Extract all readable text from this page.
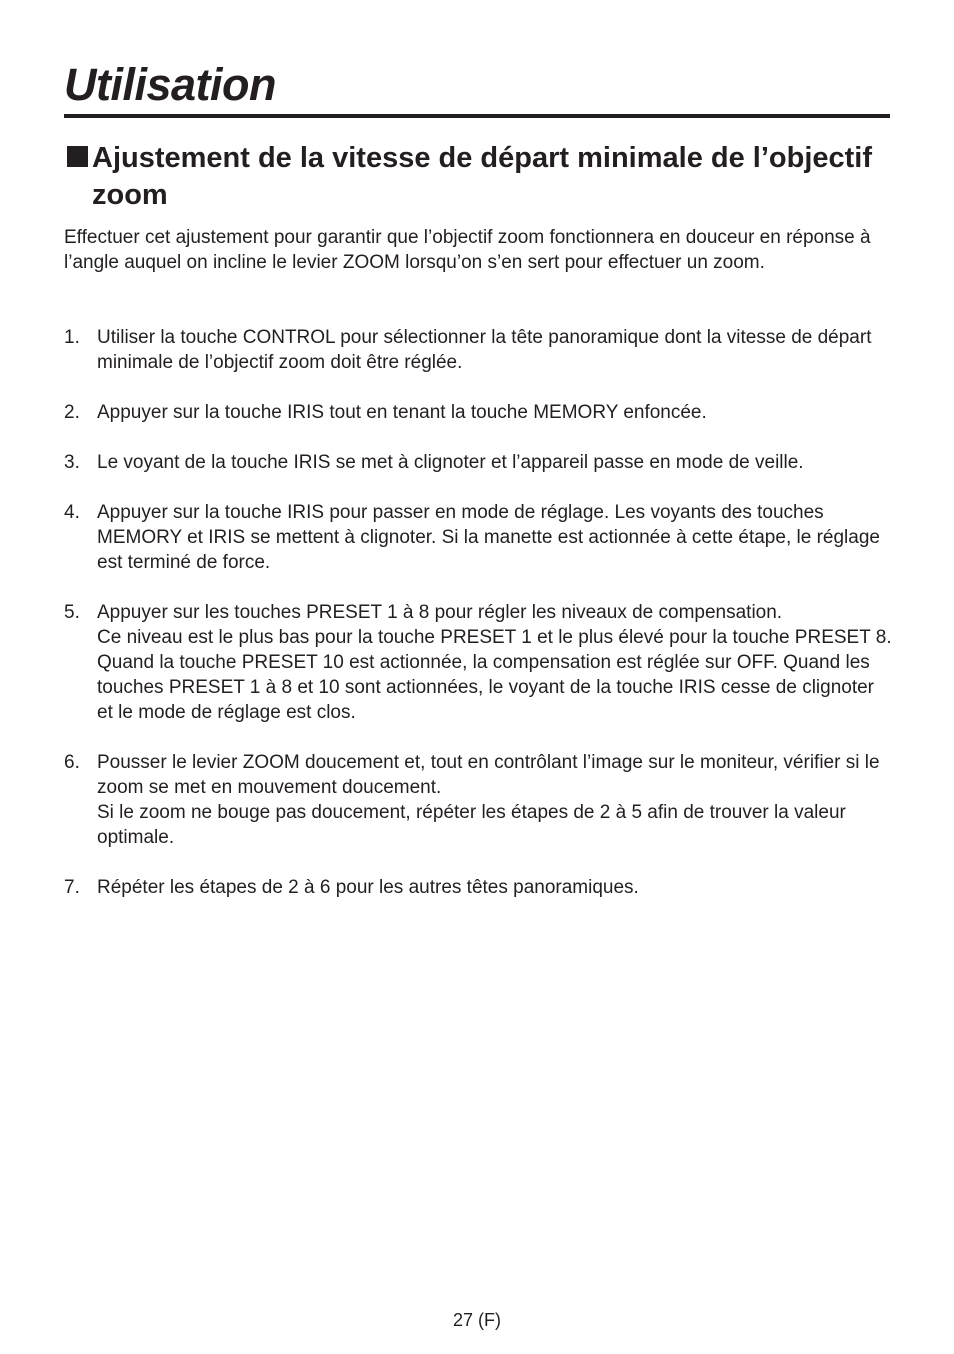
Utilisation
Ajustement de la vitesse de départ minimale de l’objectif zoom

Effectuer cet ajustement pour garantir que l’objectif zoom fonctionnera en douceur en réponse à l’angle auquel on incline le levier ZOOM lorsqu’on s’en sert pour effectuer un zoom.

1. Utiliser la touche CONTROL pour sélectionner la tête panoramique dont la vitesse de départ minimale de l’objectif zoom doit être réglée.
2. Appuyer sur la touche IRIS tout en tenant la touche MEMORY enfoncée.
3. Le voyant de la touche IRIS se met à clignoter et l’appareil passe en mode de veille.
4. Appuyer sur la touche IRIS pour passer en mode de réglage. Les voyants des touches MEMORY et IRIS se mettent à clignoter. Si la manette est actionnée à cette étape, le réglage est terminé de force.
5. Appuyer sur les touches PRESET 1 à 8 pour régler les niveaux de compensation.
Ce niveau est le plus bas pour la touche PRESET 1 et le plus élevé pour la touche PRESET 8. Quand la touche PRESET 10 est actionnée, la compensation est réglée sur OFF. Quand les touches PRESET 1 à 8 et 10 sont actionnées, le voyant de la touche IRIS cesse de clignoter et le mode de réglage est clos.
6. Pousser le levier ZOOM doucement et, tout en contrôlant l’image sur le moniteur, vérifier si le zoom se met en mouvement doucement.
Si le zoom ne bouge pas doucement, répéter les étapes de 2 à 5 afin de trouver la valeur optimale.
7. Répéter les étapes de 2 à 6 pour les autres têtes panoramiques.
27 (F)
